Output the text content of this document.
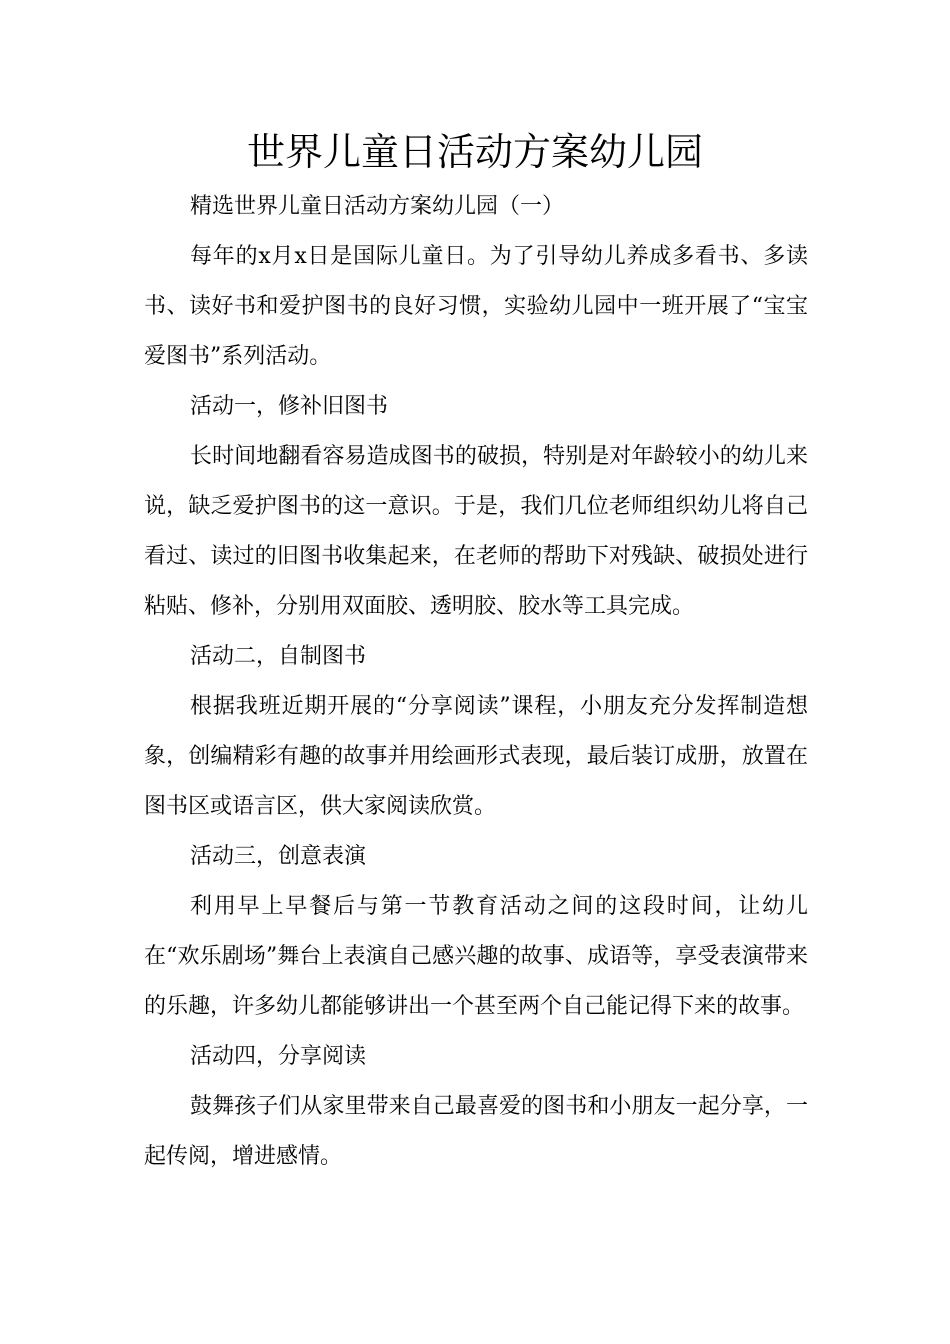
世界儿童日活动方案幼儿园

精选世界儿童日活动方案幼儿园（一）

每年的x月x日是国际儿童日。为了引导幼儿养成多看书、多读书、读好书和爱护图书的良好习惯，实验幼儿园中一班开展了“宝宝爱图书”系列活动。

活动一，修补旧图书

长时间地翻看容易造成图书的破损，特别是对年龄较小的幼儿来说，缺乏爱护图书的这一意识。于是，我们几位老师组织幼儿将自己看过、读过的旧图书收集起来，在老师的帮助下对残缺、破损处进行粘贴、修补，分别用双面胶、透明胶、胶水等工具完成。

活动二，自制图书

根据我班近期开展的“分享阅读”课程，小朋友充分发挥制造想象，创编精彩有趣的故事并用绘画形式表现，最后装订成册，放置在图书区或语言区，供大家阅读欣赏。

活动三，创意表演

利用早上早餐后与第一节教育活动之间的这段时间，让幼儿在“欢乐剧场”舞台上表演自己感兴趣的故事、成语等，享受表演带来的乐趣，许多幼儿都能够讲出一个甚至两个自己能记得下来的故事。

活动四，分享阅读

鼓舞孩子们从家里带来自己最喜爱的图书和小朋友一起分享，一起传阅，增进感情。
